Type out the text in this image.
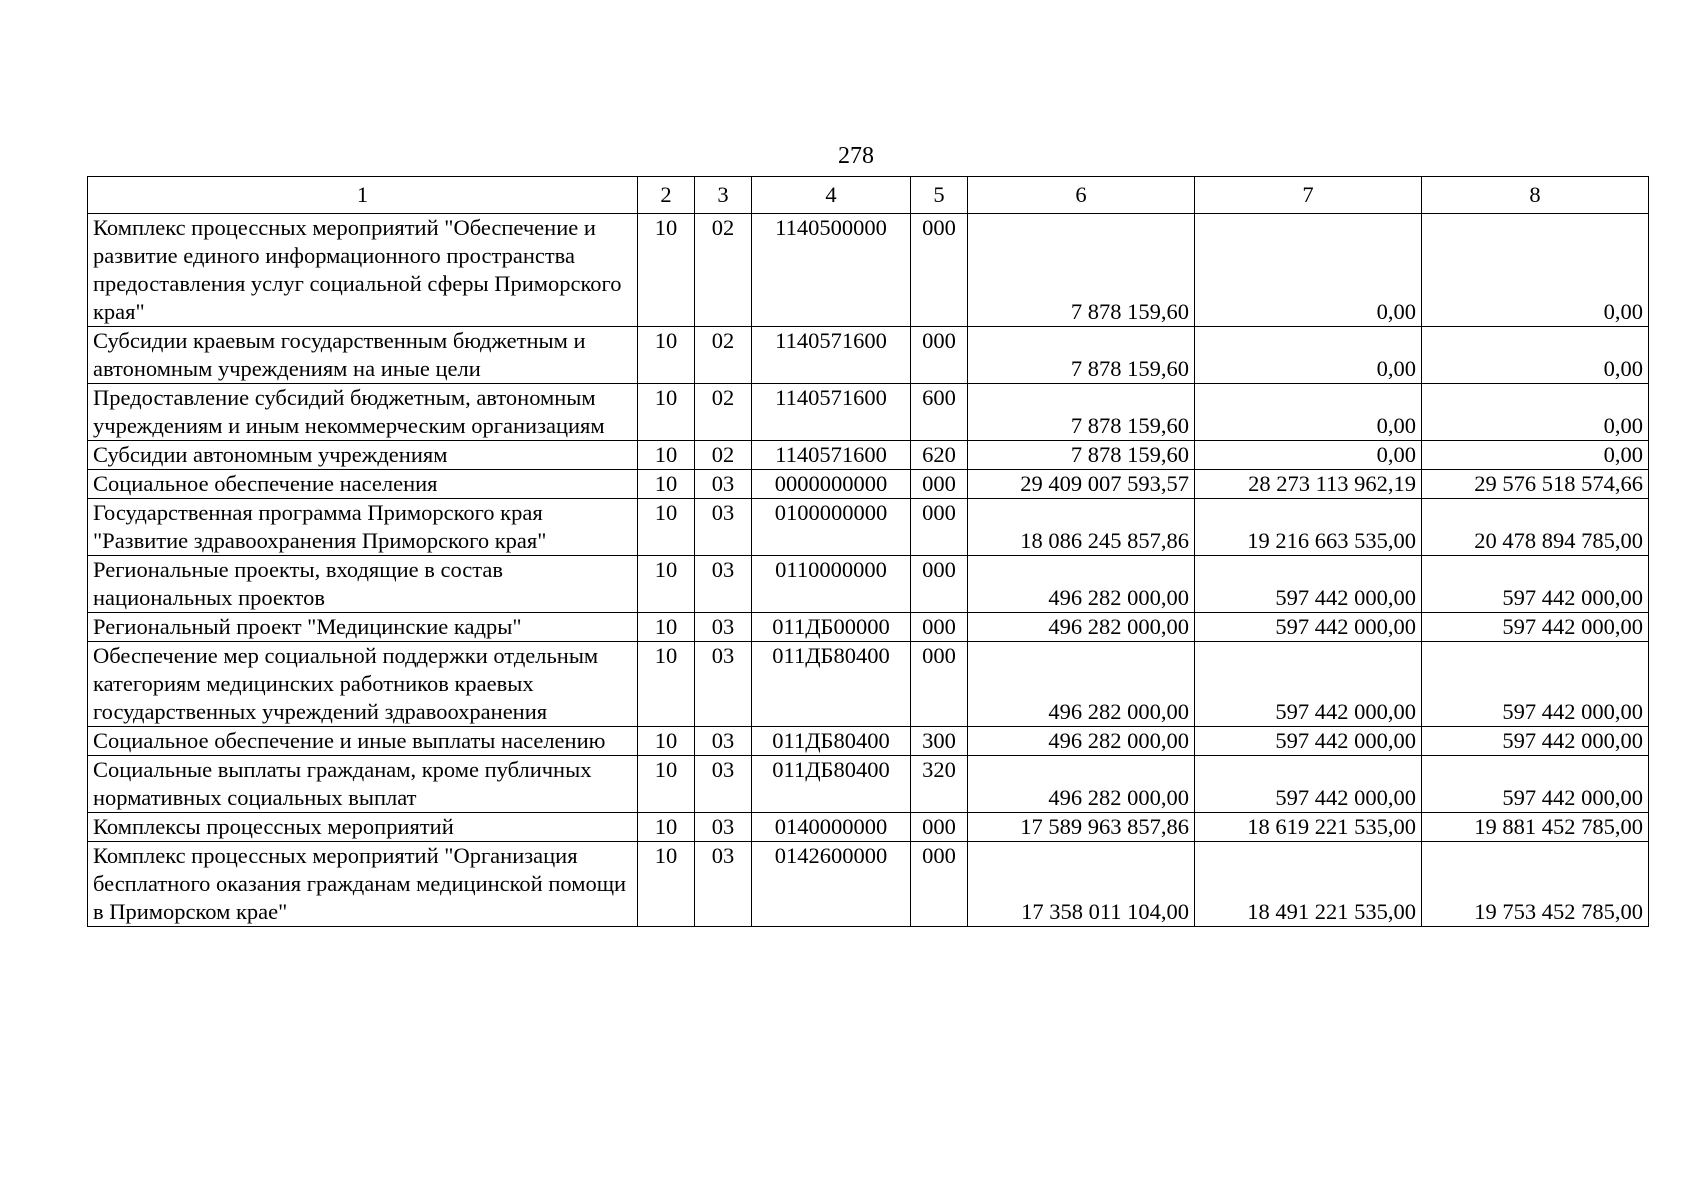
278
1	2	3	4	5	6	7	8
Комплекс процессных мероприятий "Обеспечение и развитие единого информационного пространства предоставления услуг социальной сферы Приморского края"	10	02	1140500000	000	7 878 159,60	0,00	0,00
Субсидии краевым государственным бюджетным и автономным учреждениям на иные цели	10	02	1140571600	000	7 878 159,60	0,00	0,00
Предоставление субсидий бюджетным, автономным учреждениям и иным некоммерческим организациям	10	02	1140571600	600	7 878 159,60	0,00	0,00
Субсидии автономным учреждениям	10	02	1140571600	620	7 878 159,60	0,00	0,00
Социальное обеспечение населения	10	03	0000000000	000	29 409 007 593,57	28 273 113 962,19	29 576 518 574,66
Государственная программа Приморского края "Развитие здравоохранения Приморского края"	10	03	0100000000	000	18 086 245 857,86	19 216 663 535,00	20 478 894 785,00
Региональные проекты, входящие в состав национальных проектов	10	03	0110000000	000	496 282 000,00	597 442 000,00	597 442 000,00
Региональный проект "Медицинские кадры"	10	03	011ДБ00000	000	496 282 000,00	597 442 000,00	597 442 000,00
Обеспечение мер социальной поддержки отдельным категориям медицинских работников краевых государственных учреждений здравоохранения	10	03	011ДБ80400	000	496 282 000,00	597 442 000,00	597 442 000,00
Социальное обеспечение и иные выплаты населению	10	03	011ДБ80400	300	496 282 000,00	597 442 000,00	597 442 000,00
Социальные выплаты гражданам, кроме публичных нормативных социальных выплат	10	03	011ДБ80400	320	496 282 000,00	597 442 000,00	597 442 000,00
Комплексы процессных мероприятий	10	03	0140000000	000	17 589 963 857,86	18 619 221 535,00	19 881 452 785,00
Комплекс процессных мероприятий "Организация бесплатного оказания гражданам медицинской помощи в Приморском крае"	10	03	0142600000	000	17 358 011 104,00	18 491 221 535,00	19 753 452 785,00
